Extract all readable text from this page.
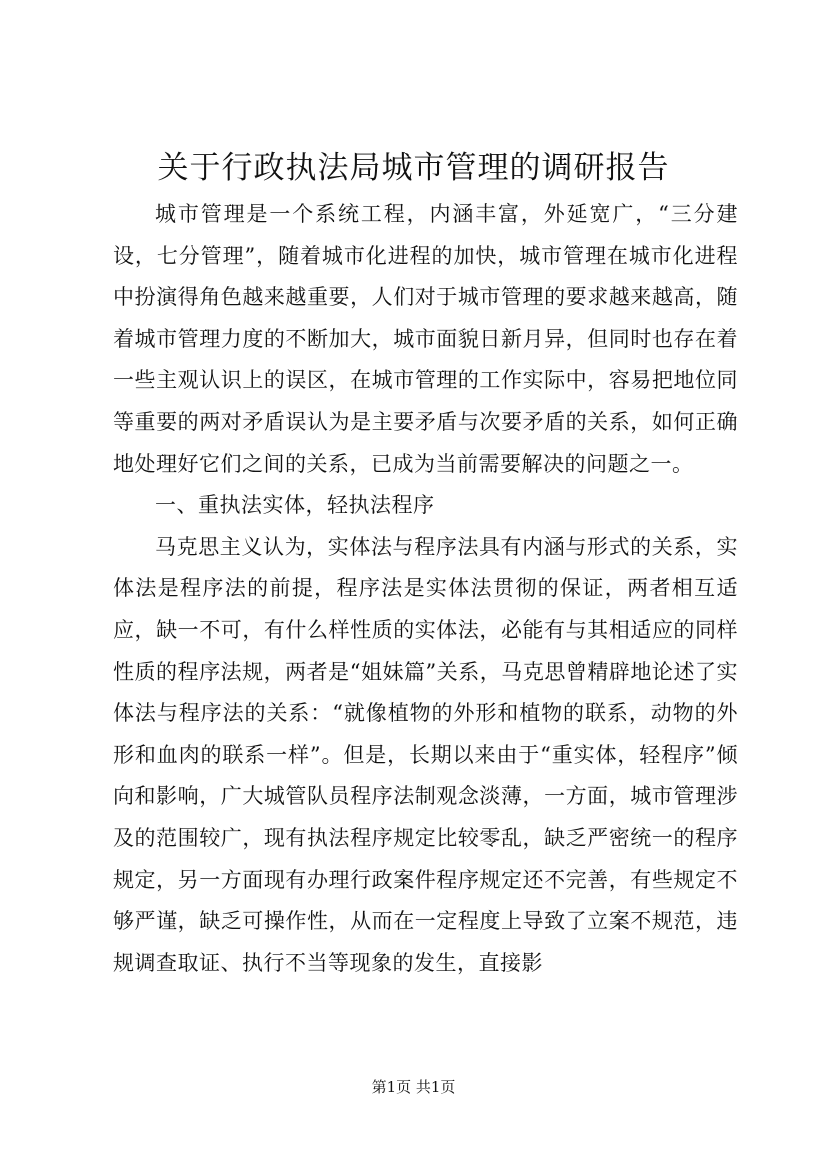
关于行政执法局城市管理的调研报告

城市管理是一个系统工程，内涵丰富，外延宽广，“三分建设，七分管理”，随着城市化进程的加快，城市管理在城市化进程中扮演得角色越来越重要，人们对于城市管理的要求越来越高，随着城市管理力度的不断加大，城市面貌日新月异，但同时也存在着一些主观认识上的误区，在城市管理的工作实际中，容易把地位同等重要的两对矛盾误认为是主要矛盾与次要矛盾的关系，如何正确地处理好它们之间的关系，已成为当前需要解决的问题之一。

一、重执法实体，轻执法程序

马克思主义认为，实体法与程序法具有内涵与形式的关系，实体法是程序法的前提，程序法是实体法贯彻的保证，两者相互适应，缺一不可，有什么样性质的实体法，必能有与其相适应的同样性质的程序法规，两者是“姐妹篇”关系，马克思曾精辟地论述了实体法与程序法的关系：“就像植物的外形和植物的联系，动物的外形和血肉的联系一样”。但是，长期以来由于“重实体，轻程序”倾向和影响，广大城管队员程序法制观念淡薄，一方面，城市管理涉及的范围较广，现有执法程序规定比较零乱，缺乏严密统一的程序规定，另一方面现有办理行政案件程序规定还不完善，有些规定不够严谨，缺乏可操作性，从而在一定程度上导致了立案不规范，违规调查取证、执行不当等现象的发生，直接影

第1页 共1页
